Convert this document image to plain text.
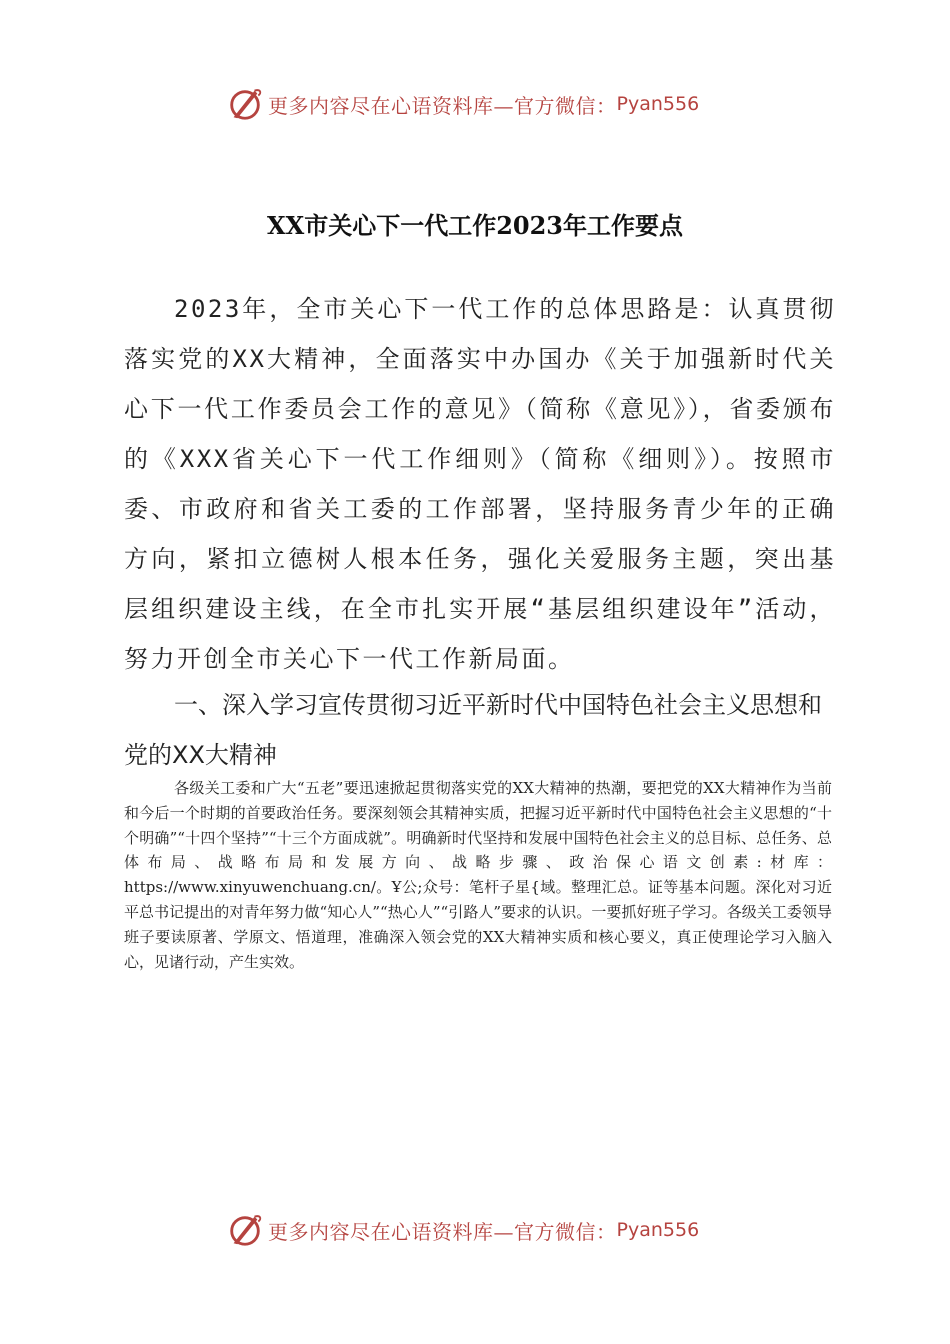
更多内容尽在心语资料库—官方微信： Pyan556
XX市关心下一代工作2023年工作要点

2023年，全市关心下一代工作的总体思路是：认真贯彻落实党的XX大精神，全面落实中办国办《关于加强新时代关心下一代工作委员会工作的意见》（简称《意见》），省委颁布的《XXX省关心下一代工作细则》（简称《细则》）。按照市委、市政府和省关工委的工作部署，坚持服务青少年的正确方向，紧扣立德树人根本任务，强化关爱服务主题，突出基层组织建设主线，在全市扎实开展“基层组织建设年”活动，努力开创全市关心下一代工作新局面。

一、深入学习宣传贯彻习近平新时代中国特色社会主义思想和党的XX大精神

各级关工委和广大“五老”要迅速掀起贯彻落实党的XX大精神的热潮，要把党的XX大精神作为当前和今后一个时期的首要政治任务。要深刻领会其精神实质，把握习近平新时代中国特色社会主义思想的“十个明确”“十四个坚持”“十三个方面成就”。明确新时代坚持和发展中国特色社会主义的总目标、总任务、总体布局、战略布局和发展方向、战略步骤、政治保心语文创素:材库：https://www.xinyuwenchuang.cn/。Ұ公;众号：笔杆子星{域。整理汇总。证等基本问题。深化对习近平总书记提出的对青年努力做“知心人”“热心人”“引路人”要求的认识。一要抓好班子学习。各级关工委领导班子要读原著、学原文、悟道理，准确深入领会党的XX大精神实质和核心要义，真正使理论学习入脑入心，见诸行动，产生实效。

更多内容尽在心语资料库—官方微信： Pyan556
